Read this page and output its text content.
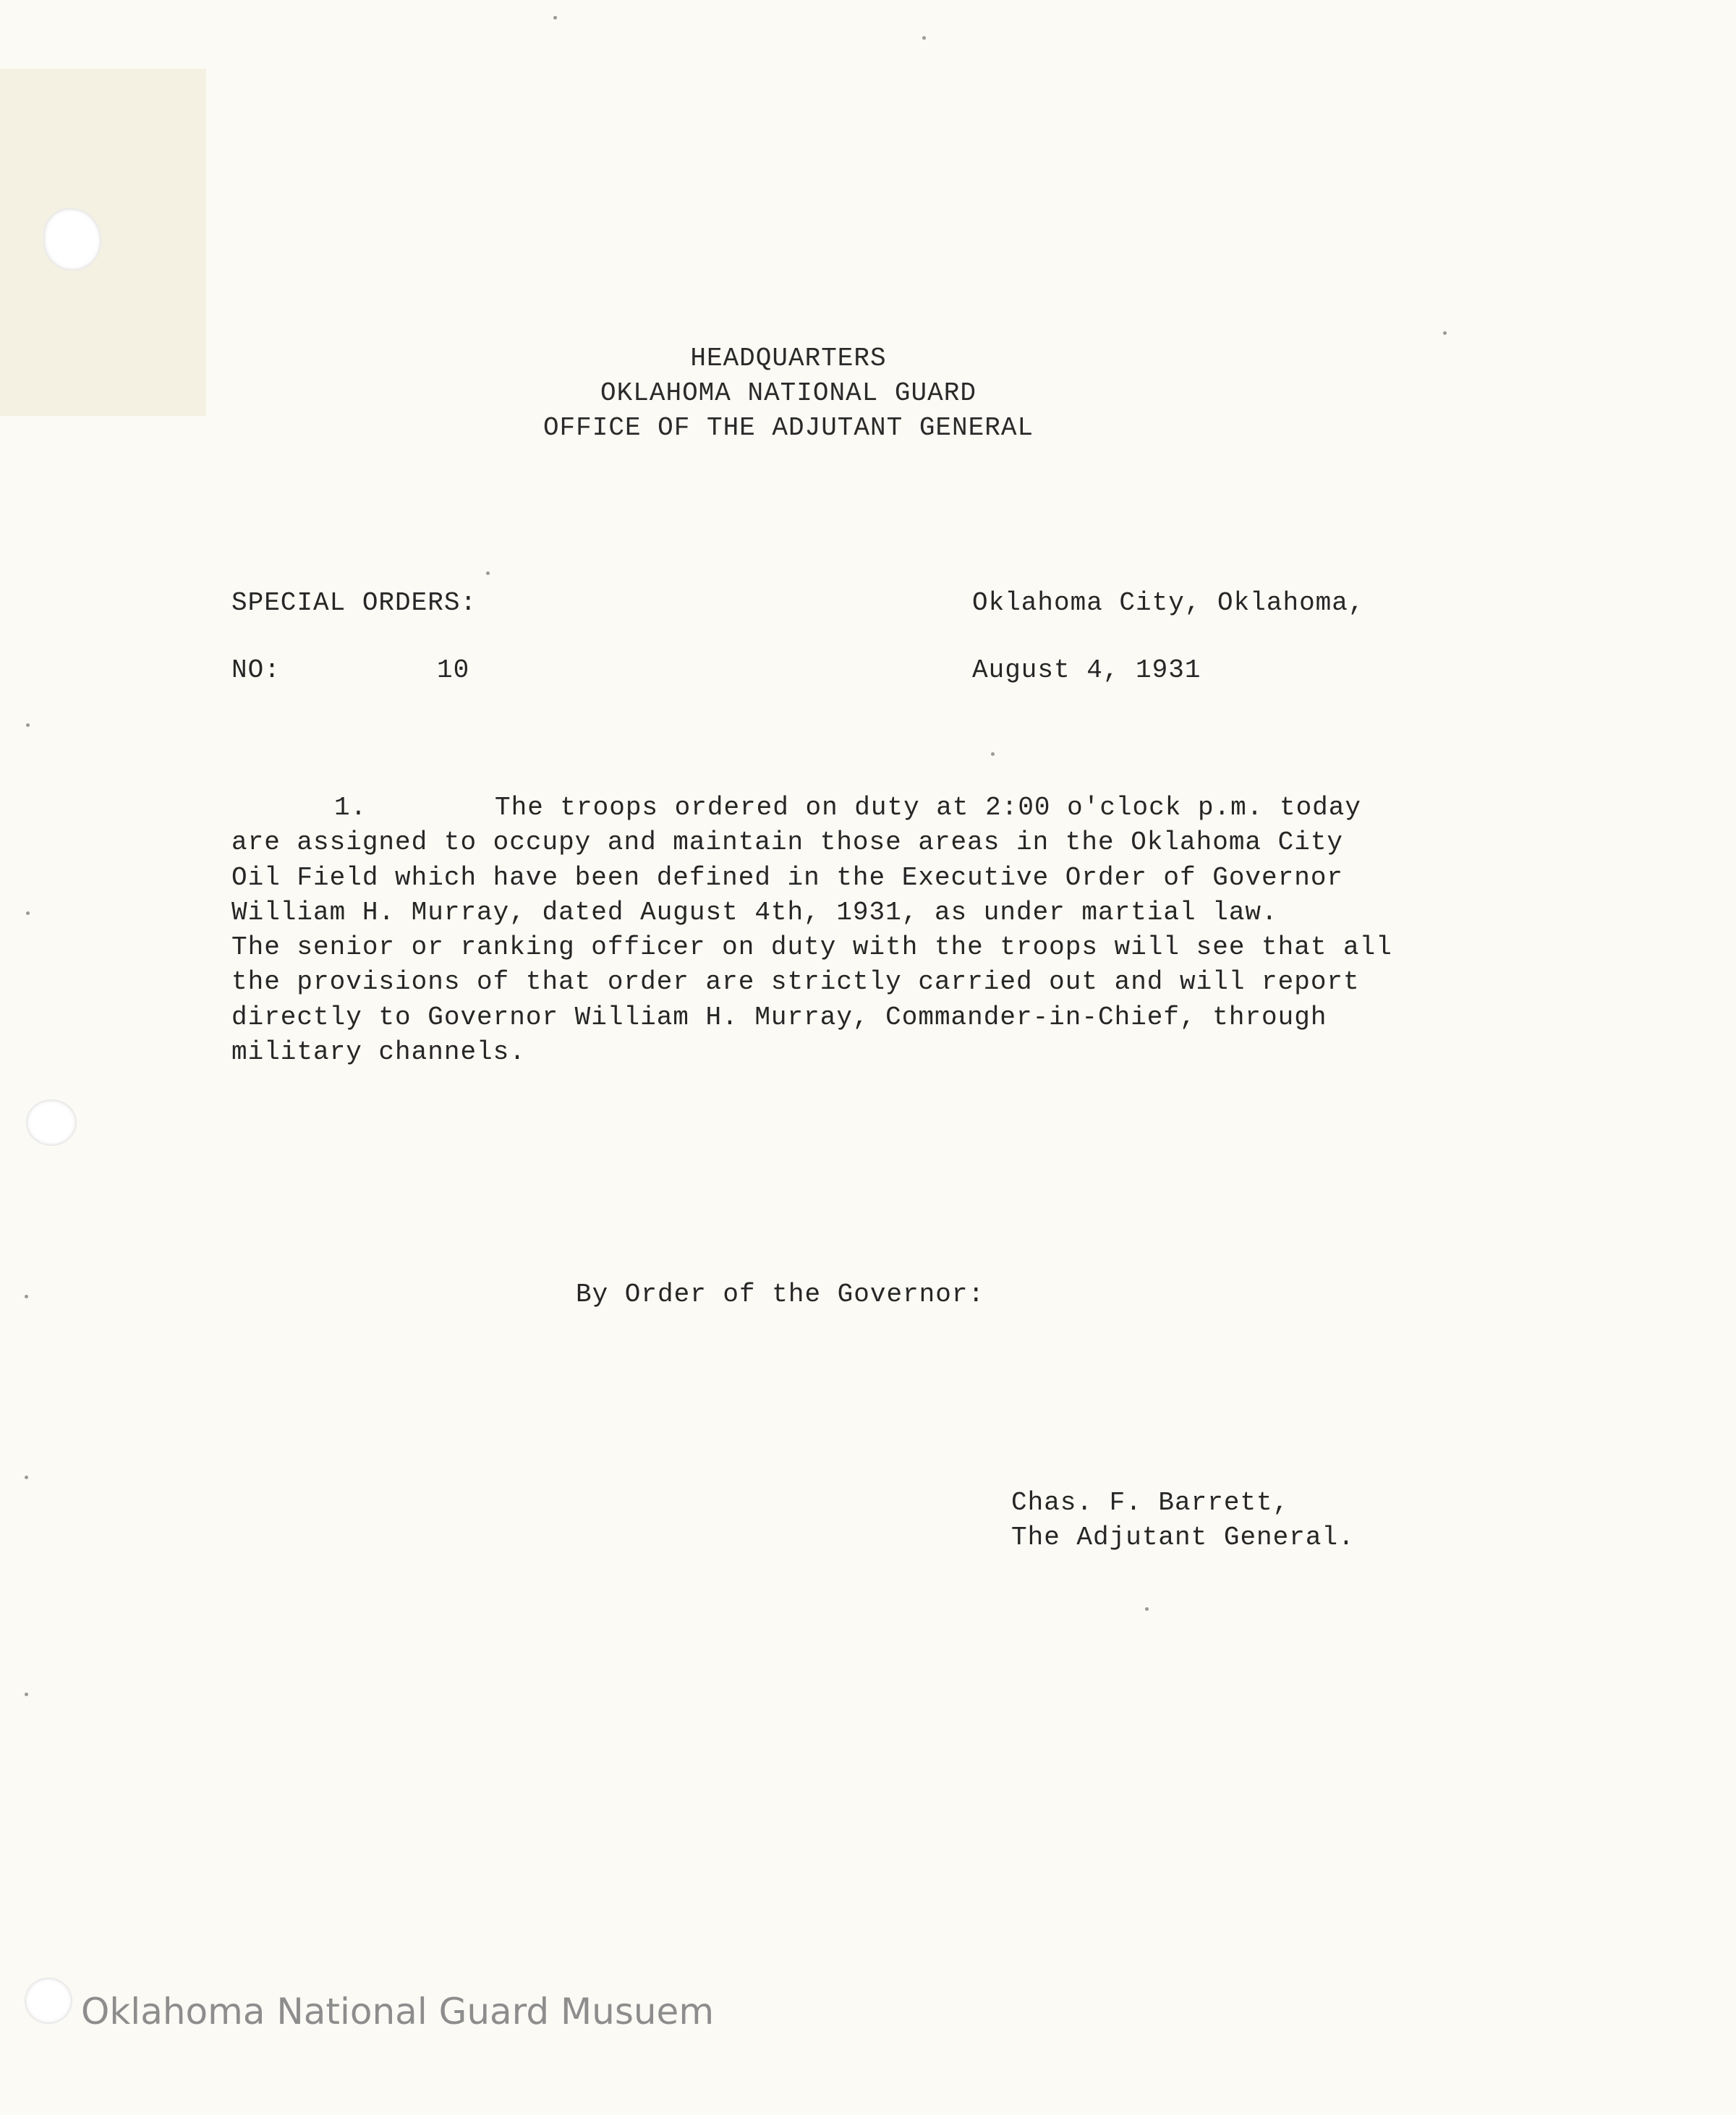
HEADQUARTERS
OKLAHOMA NATIONAL GUARD
OFFICE OF THE ADJUTANT GENERAL
SPECIAL ORDERS:
NO:	10
Oklahoma City, Oklahoma,
August 4, 1931
1.	The troops ordered on duty at 2:00 o'clock p.m. today
are assigned to occupy and maintain those areas in the Oklahoma City
Oil Field which have been defined in the Executive Order of Governor
William H. Murray, dated August 4th, 1931, as under martial law.
The senior or ranking officer on duty with the troops will see that all
the provisions of that order are strictly carried out and will report
directly to Governor William H. Murray, Commander-in-Chief, through
military channels.
By Order of the Governor:
Chas. F. Barrett,
The Adjutant General.
Oklahoma National Guard Musuem
